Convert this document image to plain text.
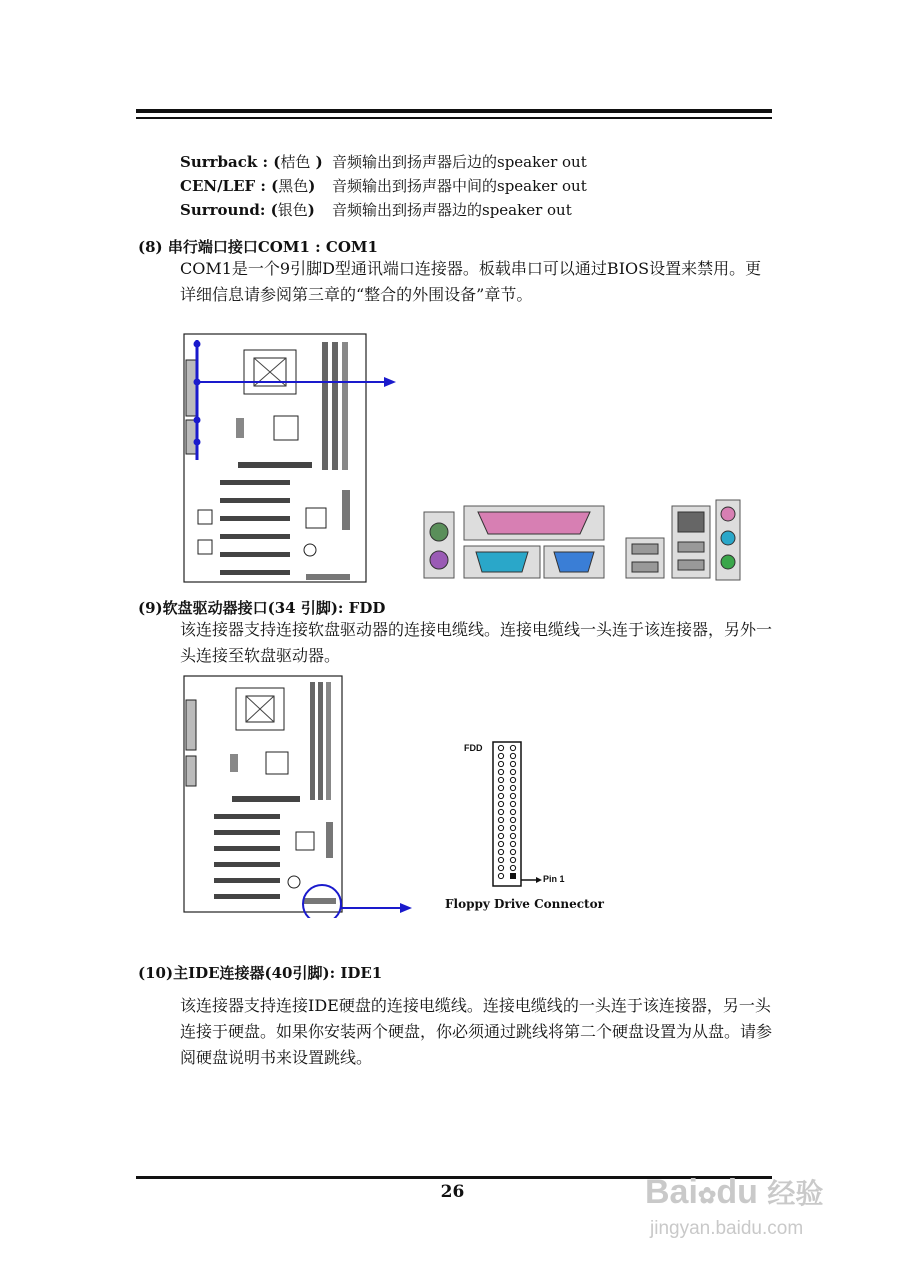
Surrback : (桔色 ) 音频输出到扬声器后边的speaker out
CEN/LEF : (黑色) 音频输出到扬声器中间的speaker out
Surround: (银色) 音频输出到扬声器边的speaker out
(8) 串行端口接口COM1 : COM1
COM1是一个9引脚D型通讯端口连接器。板载串口可以通过BIOS设置来禁用。更详细信息请参阅第三章的“整合的外围设备”章节。
(9)软盘驱动器接口(34 引脚): FDD
该连接器支持连接软盘驱动器的连接电缆线。连接电缆线一头连于该连接器，另外一头连接至软盘驱动器。
FDD
Pin 1
Floppy Drive Connector
(10)主IDE连接器(40引脚): IDE1
该连接器支持连接IDE硬盘的连接电缆线。连接电缆线的一头连于该连接器，另一头连接于硬盘。如果你安装两个硬盘，你必须通过跳线将第二个硬盘设置为从盘。请参阅硬盘说明书来设置跳线。
26	Bai✿du 经验
jingyan.baidu.com
